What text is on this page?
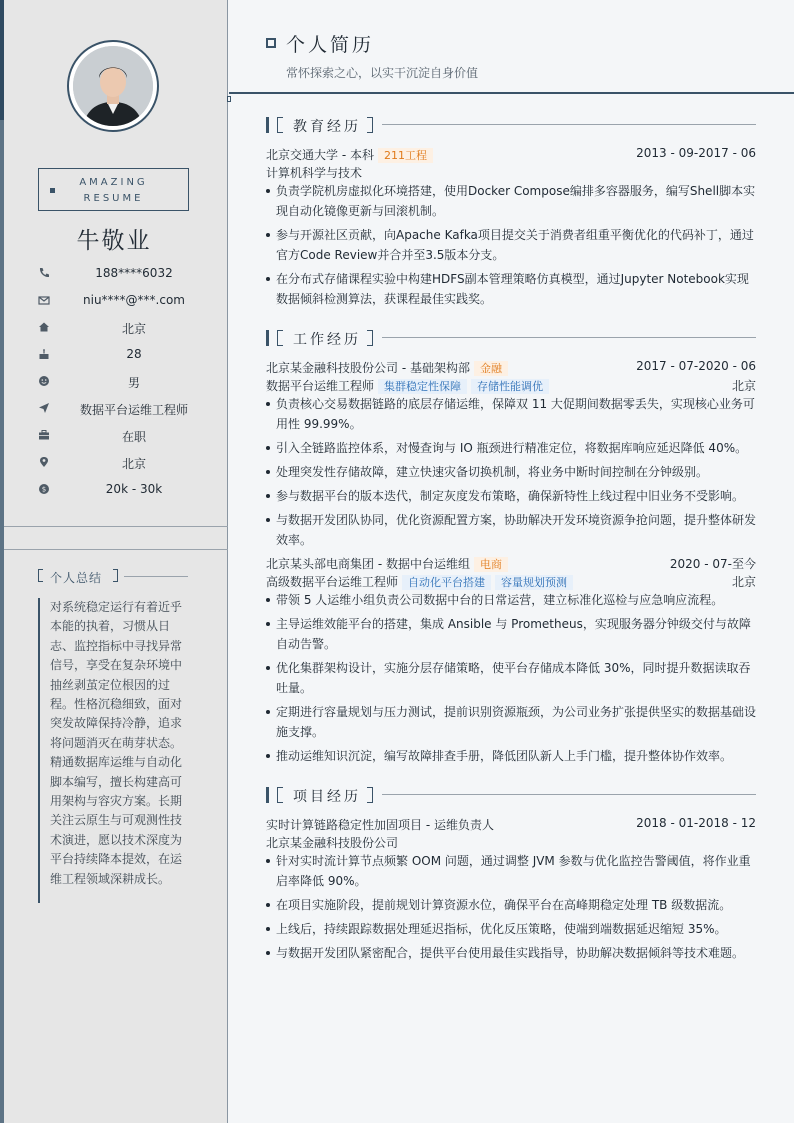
AMAZING
RESUME
牛敬业
188****6032
niu****@***.com
北京
28
男
数据平台运维工程师
在职
北京
$	20k - 30k
个人总结
对系统稳定运行有着近乎本能的执着，习惯从日志、监控指标中寻找异常信号，享受在复杂环境中抽丝剥茧定位根因的过程。性格沉稳细致，面对突发故障保持冷静，追求将问题消灭在萌芽状态。精通数据库运维与自动化脚本编写，擅长构建高可用架构与容灾方案。长期关注云原生与可观测性技术演进，愿以技术深度为平台持续降本提效，在运维工程领域深耕成长。
个人简历
常怀探索之心，以实干沉淀自身价值
教育经历
北京交通大学 - 本科 211工程	2013 - 09-2017 - 06
计算机科学与技术
负责学院机房虚拟化环境搭建，使用Docker Compose编排多容器服务，编写Shell脚本实现自动化镜像更新与回滚机制。
参与开源社区贡献，向Apache Kafka项目提交关于消费者组重平衡优化的代码补丁，通过官方Code Review并合并至3.5版本分支。
在分布式存储课程实验中构建HDFS副本管理策略仿真模型，通过Jupyter Notebook实现数据倾斜检测算法，获课程最佳实践奖。
工作经历
北京某金融科技股份公司 - 基础架构部 金融	2017 - 07-2020 - 06
数据平台运维工程师 集群稳定性保障 存储性能调优	北京
负责核心交易数据链路的底层存储运维，保障双 11 大促期间数据零丢失，实现核心业务可用性 99.99%。
引入全链路监控体系，对慢查询与 IO 瓶颈进行精准定位，将数据库响应延迟降低 40%。
处理突发性存储故障，建立快速灾备切换机制，将业务中断时间控制在分钟级别。
参与数据平台的版本迭代，制定灰度发布策略，确保新特性上线过程中旧业务不受影响。
与数据开发团队协同，优化资源配置方案，协助解决开发环境资源争抢问题，提升整体研发效率。
北京某头部电商集团 - 数据中台运维组 电商	2020 - 07-至今
高级数据平台运维工程师 自动化平台搭建 容量规划预测	北京
带领 5 人运维小组负责公司数据中台的日常运营，建立标准化巡检与应急响应流程。
主导运维效能平台的搭建，集成 Ansible 与 Prometheus，实现服务器分钟级交付与故障自动告警。
优化集群架构设计，实施分层存储策略，使平台存储成本降低 30%，同时提升数据读取吞吐量。
定期进行容量规划与压力测试，提前识别资源瓶颈，为公司业务扩张提供坚实的数据基础设施支撑。
推动运维知识沉淀，编写故障排查手册，降低团队新人上手门槛，提升整体协作效率。
项目经历
实时计算链路稳定性加固项目 - 运维负责人	2018 - 01-2018 - 12
北京某金融科技股份公司
针对实时流计算节点频繁 OOM 问题，通过调整 JVM 参数与优化监控告警阈值，将作业重启率降低 90%。
在项目实施阶段，提前规划计算资源水位，确保平台在高峰期稳定处理 TB 级数据流。
上线后，持续跟踪数据处理延迟指标，优化反压策略，使端到端数据延迟缩短 35%。
与数据开发团队紧密配合，提供平台使用最佳实践指导，协助解决数据倾斜等技术难题。
